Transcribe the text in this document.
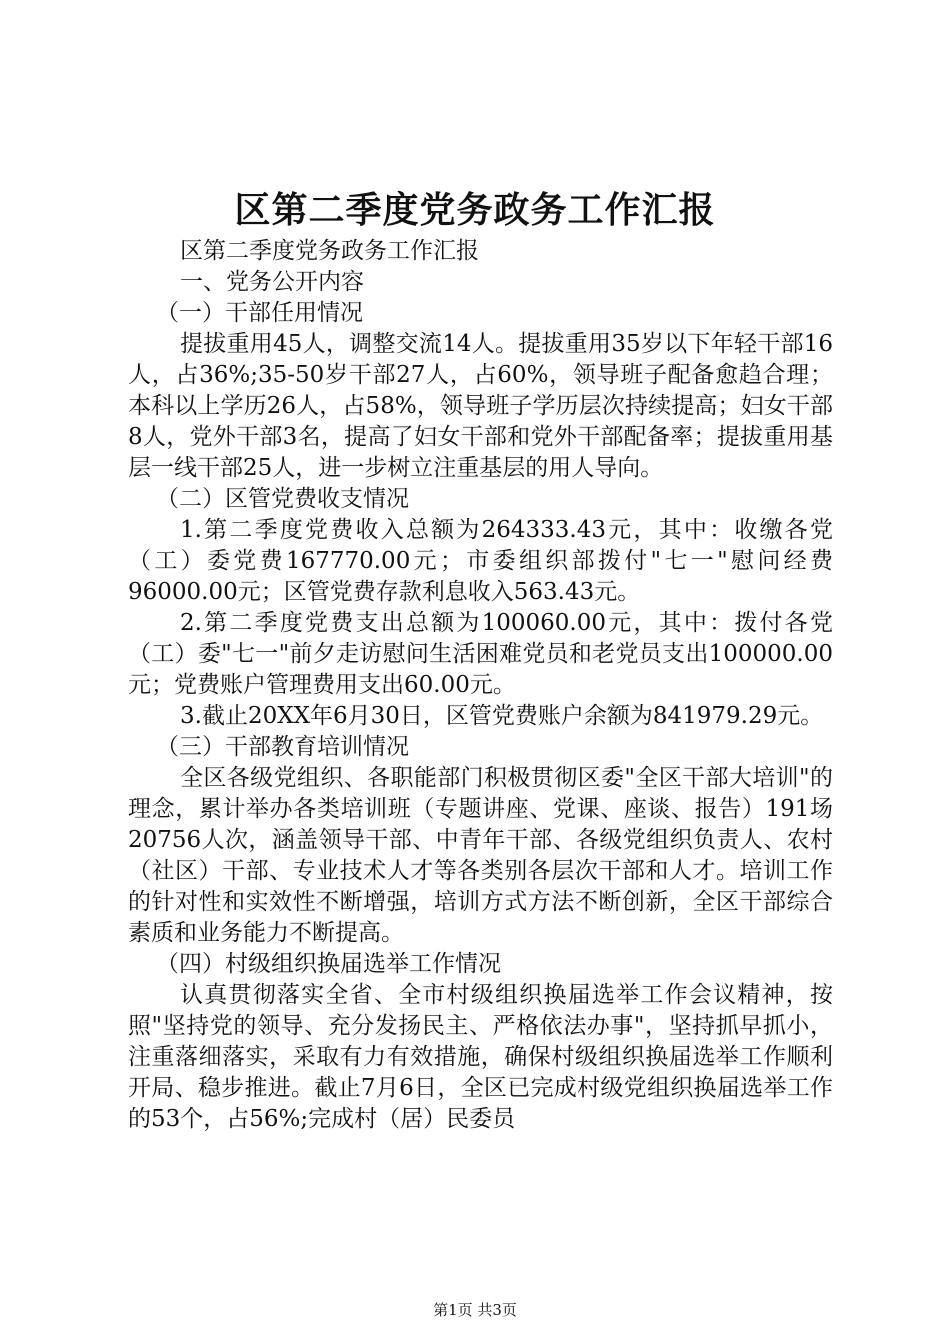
区第二季度党务政务工作汇报

区第二季度党务政务工作汇报

一、党务公开内容

（一）干部任用情况

提拔重用45人，调整交流14人。提拔重用35岁以下年轻干部16人，占36%;35-50岁干部27人，占60%，领导班子配备愈趋合理；本科以上学历26人，占58%，领导班子学历层次持续提高；妇女干部8人，党外干部3名，提高了妇女干部和党外干部配备率；提拔重用基层一线干部25人，进一步树立注重基层的用人导向。

（二）区管党费收支情况

1.第二季度党费收入总额为264333.43元，其中：收缴各党（工）委党费167770.00元；市委组织部拨付"七一"慰问经费96000.00元；区管党费存款利息收入563.43元。

2.第二季度党费支出总额为100060.00元，其中：拨付各党（工）委"七一"前夕走访慰问生活困难党员和老党员支出100000.00元；党费账户管理费用支出60.00元。

3.截止20XX年6月30日，区管党费账户余额为841979.29元。

（三）干部教育培训情况

全区各级党组织、各职能部门积极贯彻区委"全区干部大培训"的理念，累计举办各类培训班（专题讲座、党课、座谈、报告）191场20756人次，涵盖领导干部、中青年干部、各级党组织负责人、农村（社区）干部、专业技术人才等各类别各层次干部和人才。培训工作的针对性和实效性不断增强，培训方式方法不断创新，全区干部综合素质和业务能力不断提高。

（四）村级组织换届选举工作情况

认真贯彻落实全省、全市村级组织换届选举工作会议精神，按照"坚持党的领导、充分发扬民主、严格依法办事"，坚持抓早抓小，注重落细落实，采取有力有效措施，确保村级组织换届选举工作顺利开局、稳步推进。截止7月6日，全区已完成村级党组织换届选举工作的53个，占56%;完成村（居）民委员

第1页 共3页
